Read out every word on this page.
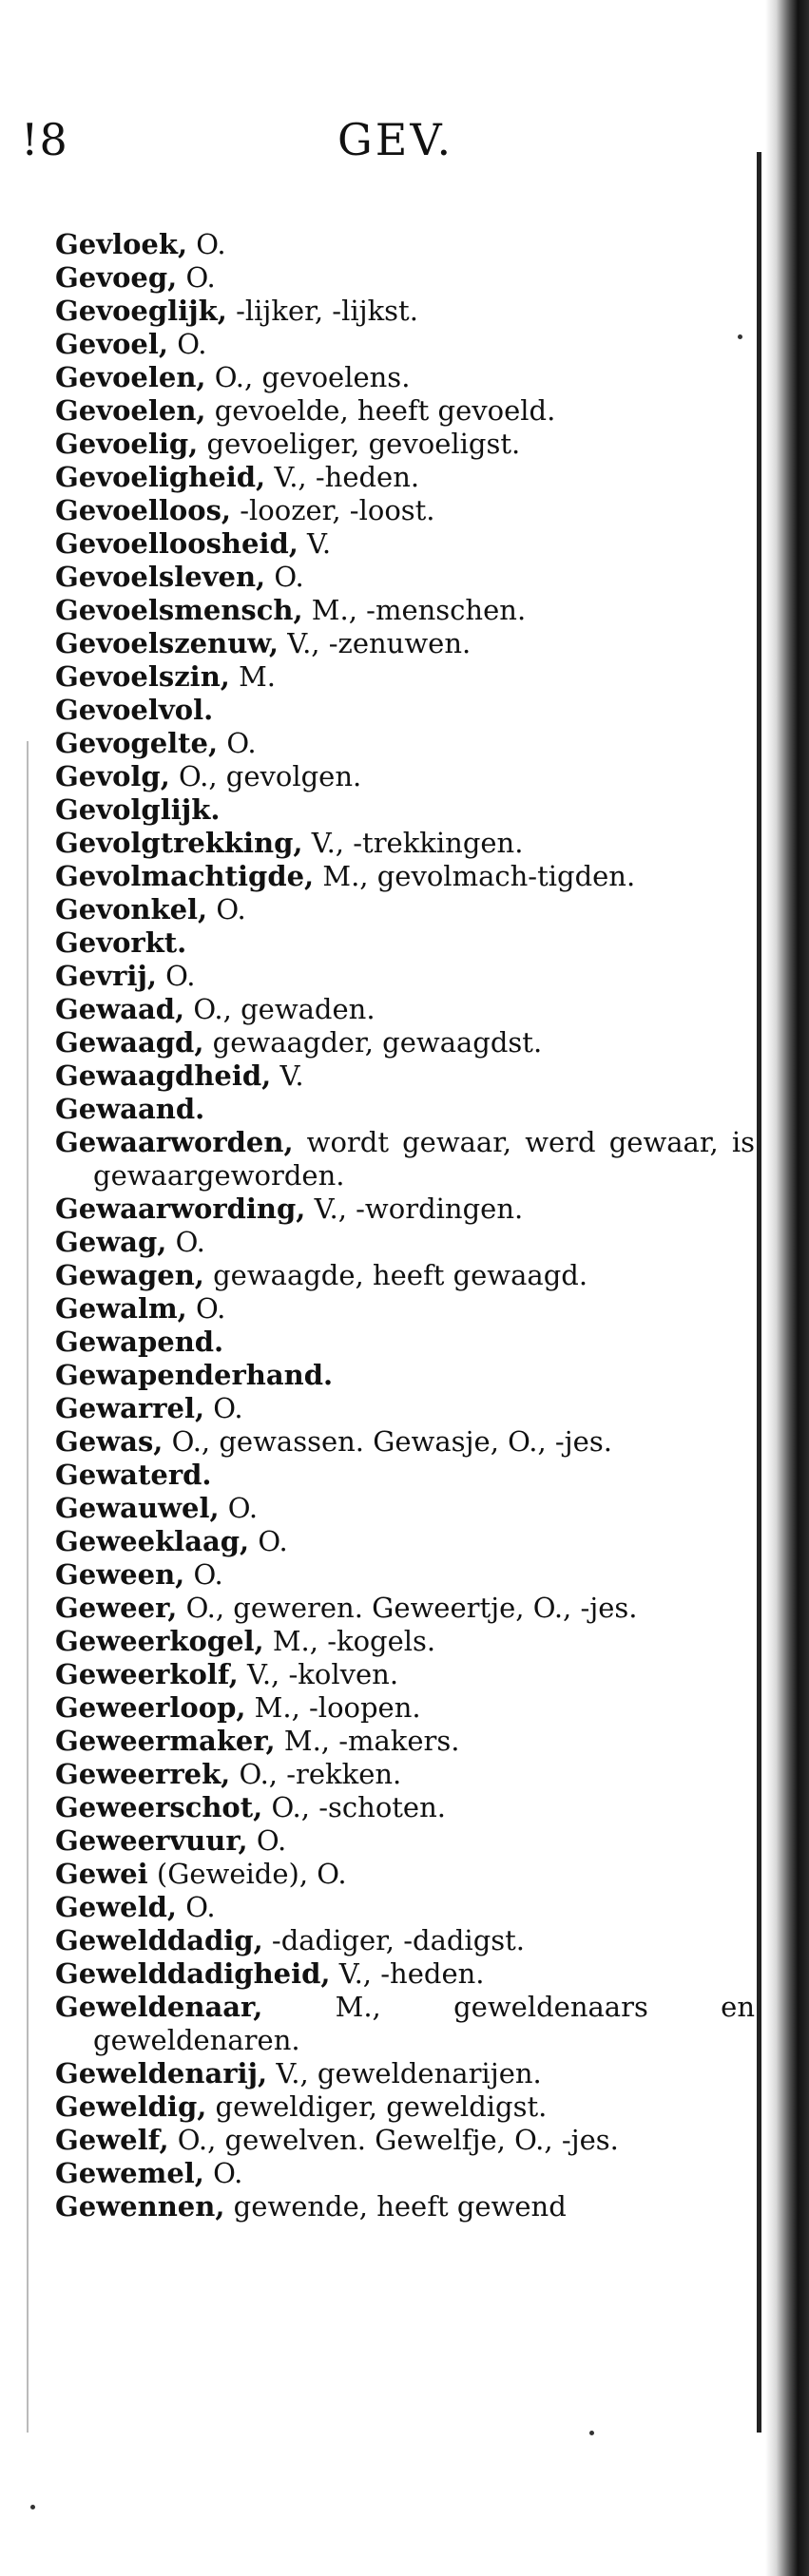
!8	GEV.
Gevloek, O.
Gevoeg, O.
Gevoeglijk, -lijker, -lijkst.
Gevoel, O.
Gevoelen, O., gevoelens.
Gevoelen, gevoelde, heeft gevoeld.
Gevoelig, gevoeliger, gevoeligst.
Gevoeligheid, V., -heden.
Gevoelloos, -loozer, -loost.
Gevoelloosheid, V.
Gevoelsleven, O.
Gevoelsmensch, M., -menschen.
Gevoelszenuw, V., -zenuwen.
Gevoelszin, M.
Gevoelvol.
Gevogelte, O.
Gevolg, O., gevolgen.
Gevolglijk.
Gevolgtrekking, V., -trekkingen.
Gevolmachtigde, M., gevolmach-tigden.
Gevonkel, O.
Gevorkt.
Gevrij, O.
Gewaad, O., gewaden.
Gewaagd, gewaagder, gewaagdst.
Gewaagdheid, V.
Gewaand.
Gewaarworden, wordt gewaar, werd gewaar, is gewaargeworden.
Gewaarwording, V., -wordingen.
Gewag, O.
Gewagen, gewaagde, heeft gewaagd.
Gewalm, O.
Gewapend.
Gewapenderhand.
Gewarrel, O.
Gewas, O., gewassen. Gewasje, O., -jes.
Gewaterd.
Gewauwel, O.
Geweeklaag, O.
Geween, O.
Geweer, O., geweren. Geweertje, O., -jes.
Geweerkogel, M., -kogels.
Geweerkolf, V., -kolven.
Geweerloop, M., -loopen.
Geweermaker, M., -makers.
Geweerrek, O., -rekken.
Geweerschot, O., -schoten.
Geweervuur, O.
Gewei (Geweide), O.
Geweld, O.
Gewelddadig, -dadiger, -dadigst.
Gewelddadigheid, V., -heden.
Geweldenaar, M., geweldenaars en geweldenaren.
Geweldenarij, V., geweldenarijen.
Geweldig, geweldiger, geweldigst.
Gewelf, O., gewelven. Gewelfje, O., -jes.
Gewemel, O.
Gewennen, gewende, heeft gewend
